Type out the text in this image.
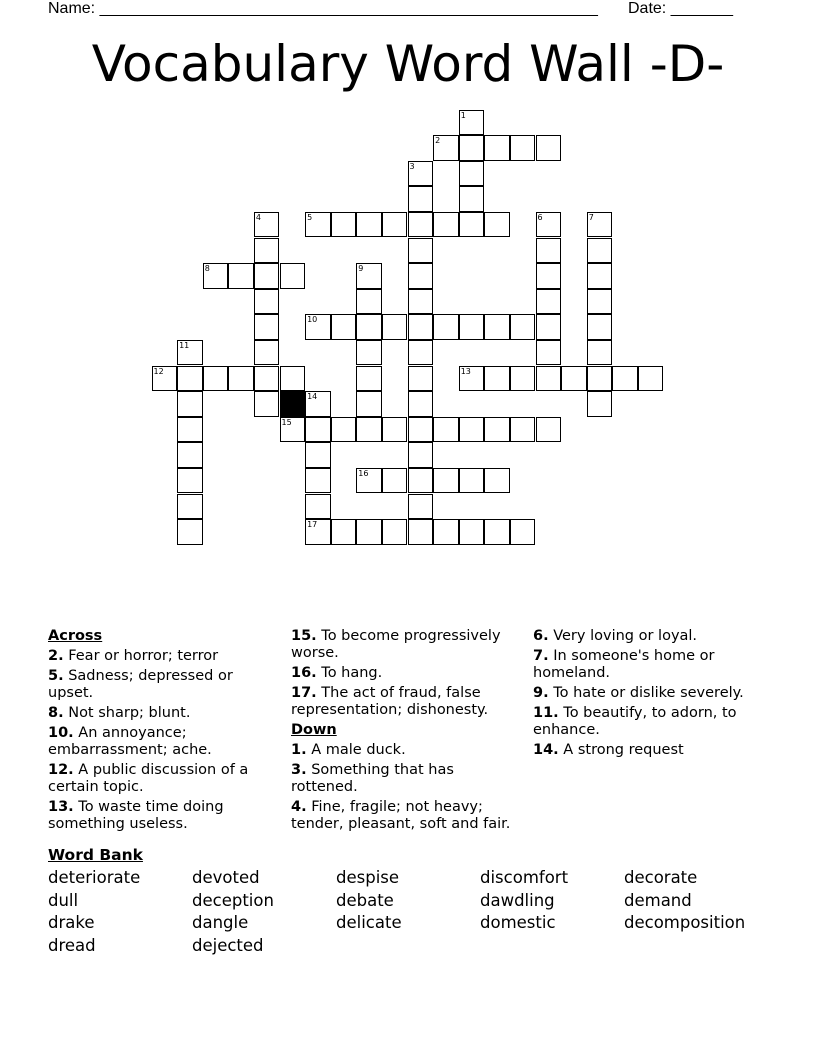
Name: ________________________________________________________ Date: _______
Vocabulary Word Wall -D-
1
2
3
4	5	6	7
8	9
10
11
12	13
14
15
16
17
Across
2. Fear or horror; terror
5. Sadness; depressed or upset.
8. Not sharp; blunt.
10. An annoyance; embarrassment; ache.
12. A public discussion of a certain topic.
13. To waste time doing something useless.
15. To become progressively worse.
16. To hang.
17. The act of fraud, false representation; dishonesty.
Down
1. A male duck.
3. Something that has rottened.
4. Fine, fragile; not heavy; tender, pleasant, soft and fair.
6. Very loving or loyal.
7. In someone's home or homeland.
9. To hate or dislike severely.
11. To beautify, to adorn, to enhance.
14. A strong request
Word Bank
deteriorate	devoted	despise	discomfort	decorate
dull	deception	debate	dawdling	demand
drake	dangle	delicate	domestic	decomposition
dread	dejected
